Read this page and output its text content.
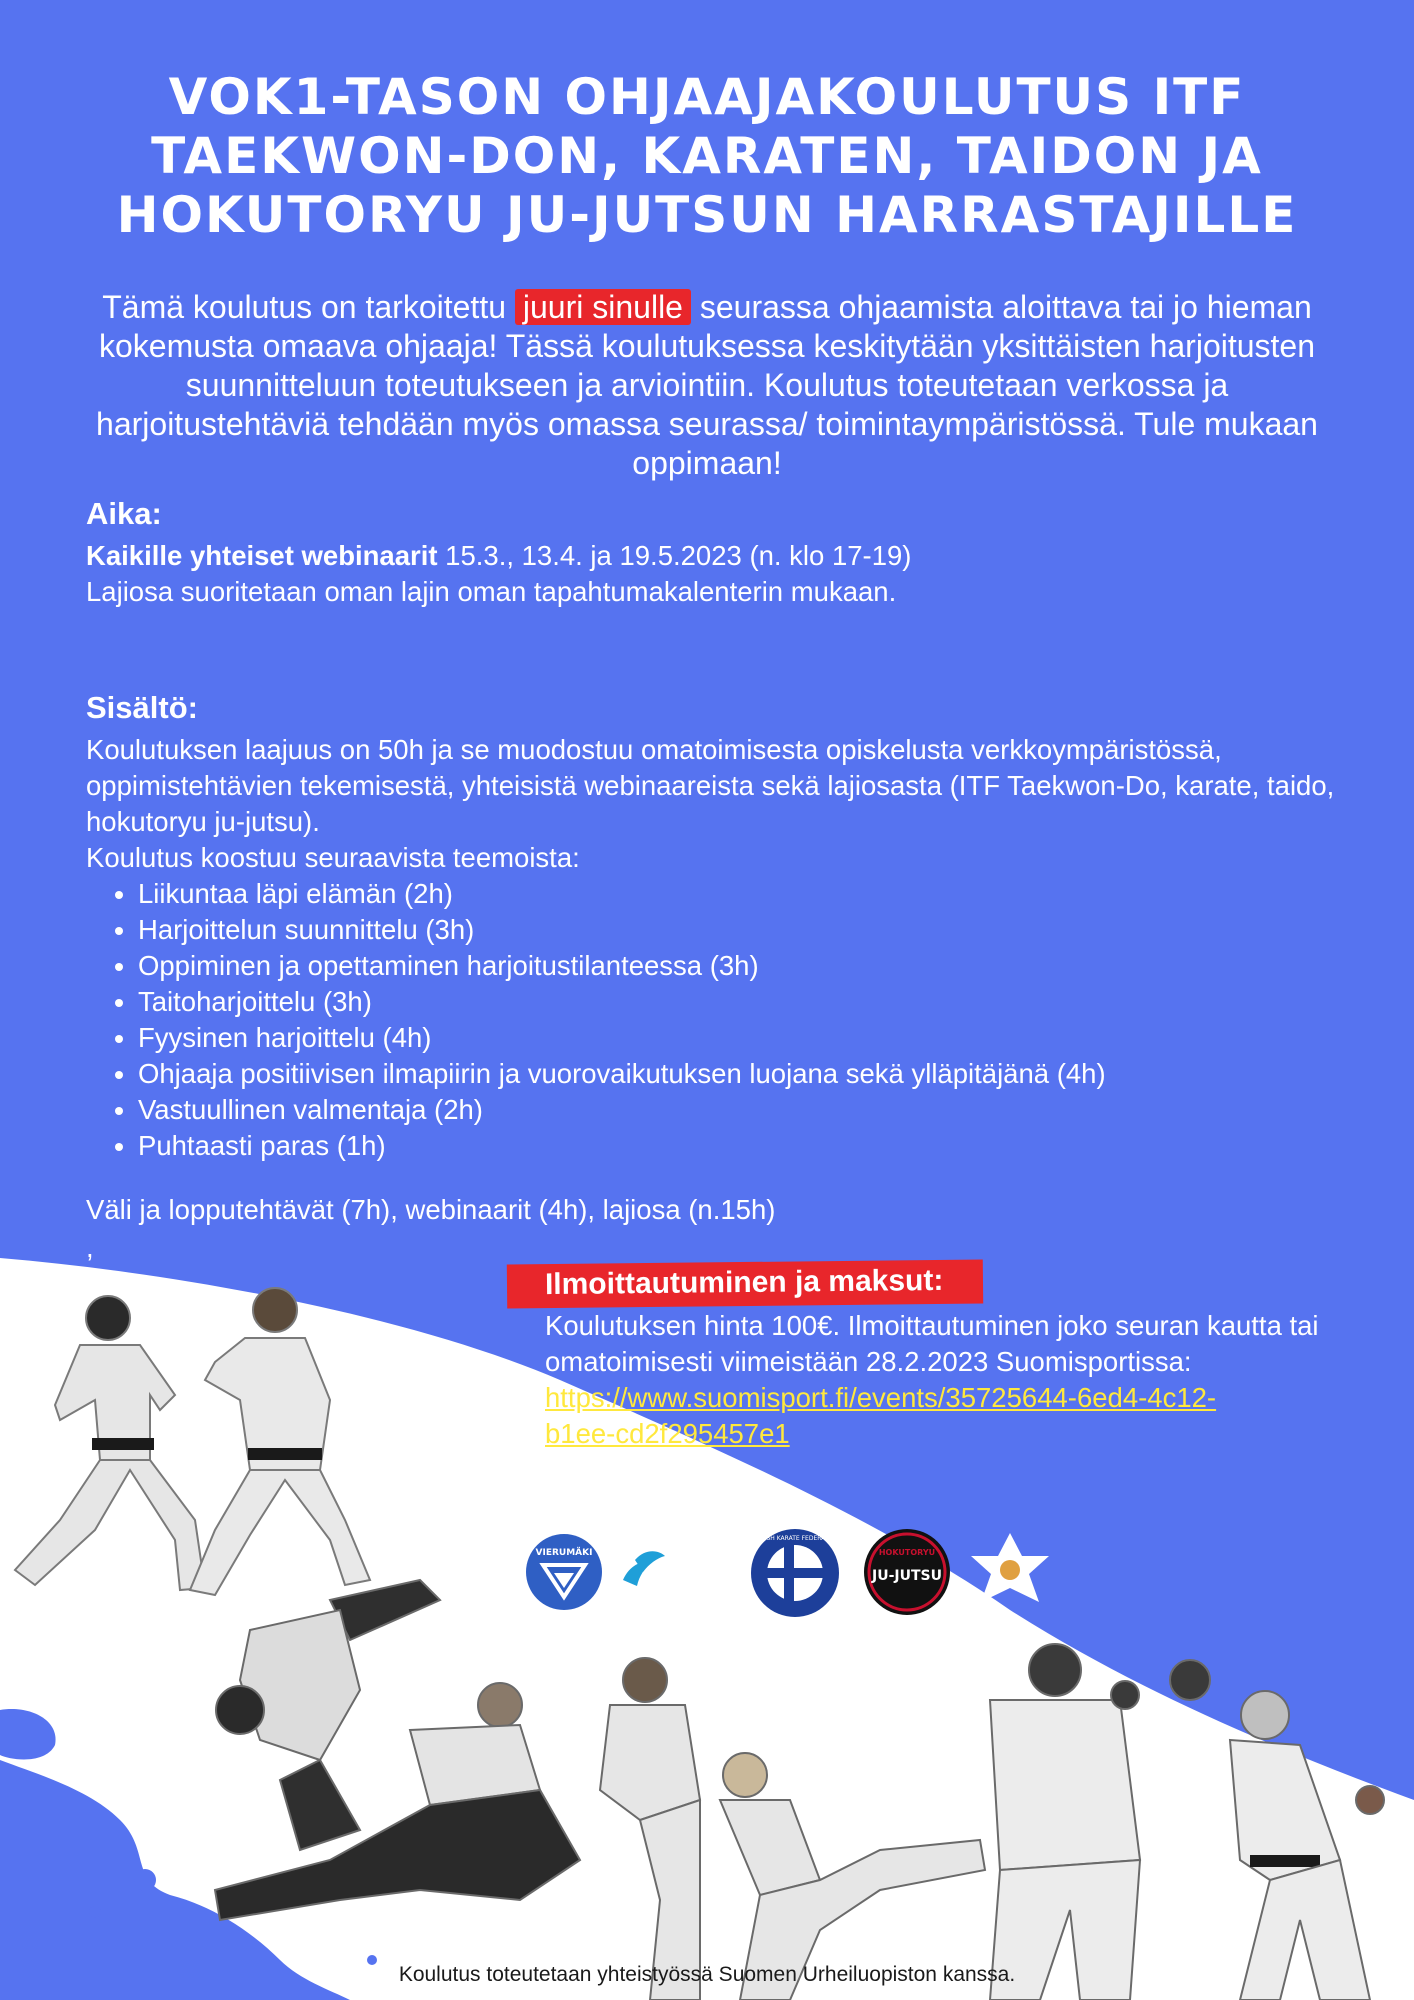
VOK1-TASON OHJAAJAKOULUTUS ITF
TAEKWON-DON, KARATEN, TAIDON JA
HOKUTORYU JU-JUTSUN HARRASTAJILLE
Tämä koulutus on tarkoitettu juuri sinulle seurassa ohjaamista aloittava tai jo hieman kokemusta omaava ohjaaja! Tässä koulutuksessa keskitytään yksittäisten harjoitusten suunnitteluun toteutukseen ja arviointiin. Koulutus toteutetaan verkossa ja harjoitustehtäviä tehdään myös omassa seurassa/ toimintaympäristössä. Tule mukaan oppimaan!
Aika:

Kaikille yhteiset webinaarit 15.3., 13.4. ja 19.5.2023 (n. klo 17-19)

Lajiosa suoritetaan oman lajin oman tapahtumakalenterin mukaan.

Sisältö:

Koulutuksen laajuus on 50h ja se muodostuu omatoimisesta opiskelusta verkkoympäristössä, oppimistehtävien tekemisestä, yhteisistä webinaareista sekä lajiosasta (ITF Taekwon-Do, karate, taido, hokutoryu ju-jutsu).

Koulutus koostuu seuraavista teemoista:

• Liikuntaa läpi elämän (2h)
• Harjoittelun suunnittelu (3h)
• Oppiminen ja opettaminen harjoitustilanteessa (3h)
• Taitoharjoittelu (3h)
• Fyysinen harjoittelu (4h)
• Ohjaaja positiivisen ilmapiirin ja vuorovaikutuksen luojana sekä ylläpitäjänä (4h)
• Vastuullinen valmentaja (2h)
• Puhtaasti paras (1h)

Väli ja lopputehtävät (7h), webinaarit (4h), lajiosa (n.15h)

,
Ilmoittautuminen ja maksut:

Koulutuksen hinta 100€. Ilmoittautuminen joko seuran kautta tai omatoimisesti viimeistään 28.2.2023 Suomisportissa:

https://www.suomisport.fi/events/35725644-6ed4-4c12-
b1ee-cd2f295457e1
VIERUMÄKI
SUOMEN
ITF TAEKWON-DO
FINNISH KARATE FEDERATION
HOKUTORYU
JU-JUTSU
Koulutus toteutetaan yhteistyössä Suomen Urheiluopiston kanssa.
